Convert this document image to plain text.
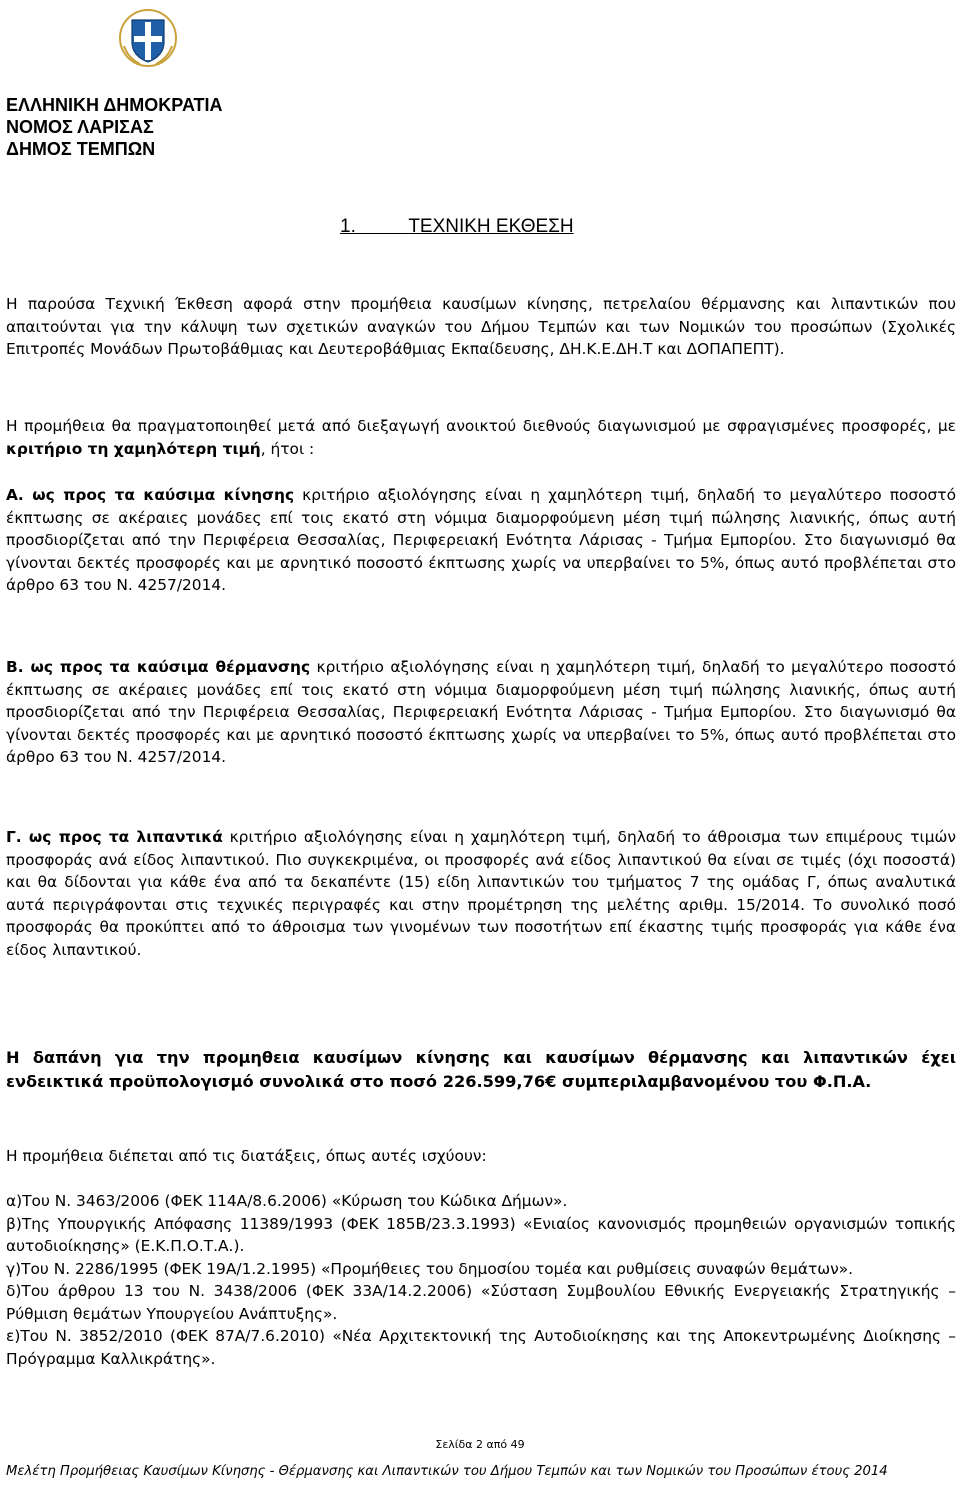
ΕΛΛΗΝΙΚΗ ΔΗΜΟΚΡΑΤΙΑ
ΝΟΜΟΣ ΛΑΡΙΣΑΣ
ΔΗΜΟΣ ΤΕΜΠΩΝ
1.	ΤΕΧΝΙΚΗ ΕΚΘΕΣΗ

Η παρούσα Τεχνική Έκθεση αφορά στην προμήθεια καυσίμων κίνησης, πετρελαίου θέρμανσης και λιπαντικών που απαιτούνται για την κάλυψη των σχετικών αναγκών του Δήμου Τεμπών και των Νομικών του προσώπων (Σχολικές Επιτροπές Μονάδων Πρωτοβάθμιας και Δευτεροβάθμιας Εκπαίδευσης, ΔΗ.Κ.Ε.ΔΗ.Τ και ΔΟΠΑΠΕΠΤ).

Η προμήθεια θα πραγματοποιηθεί μετά από διεξαγωγή ανοικτού διεθνούς διαγωνισμού με σφραγισμένες προσφορές, με κριτήριο τη χαμηλότερη τιμή, ήτοι :

Α. ως προς τα καύσιμα κίνησης κριτήριο αξιολόγησης είναι η χαμηλότερη τιμή, δηλαδή το μεγαλύτερο ποσοστό έκπτωσης σε ακέραιες μονάδες επί τοις εκατό στη νόμιμα διαμορφούμενη μέση τιμή πώλησης λιανικής, όπως αυτή προσδιορίζεται από την Περιφέρεια Θεσσαλίας, Περιφερειακή Ενότητα Λάρισας - Τμήμα Εμπορίου. Στο διαγωνισμό θα γίνονται δεκτές προσφορές και με αρνητικό ποσοστό έκπτωσης χωρίς να υπερβαίνει το 5%, όπως αυτό προβλέπεται στο άρθρο 63 του Ν. 4257/2014.

Β. ως προς τα καύσιμα θέρμανσης κριτήριο αξιολόγησης είναι η χαμηλότερη τιμή, δηλαδή το μεγαλύτερο ποσοστό έκπτωσης σε ακέραιες μονάδες επί τοις εκατό στη νόμιμα διαμορφούμενη μέση τιμή πώλησης λιανικής, όπως αυτή προσδιορίζεται από την Περιφέρεια Θεσσαλίας, Περιφερειακή Ενότητα Λάρισας - Τμήμα Εμπορίου. Στο διαγωνισμό θα γίνονται δεκτές προσφορές και με αρνητικό ποσοστό έκπτωσης χωρίς να υπερβαίνει το 5%, όπως αυτό προβλέπεται στο άρθρο 63 του Ν. 4257/2014.

Γ. ως προς τα λιπαντικά κριτήριο αξιολόγησης είναι η χαμηλότερη τιμή, δηλαδή το άθροισμα των επιμέρους τιμών προσφοράς ανά είδος λιπαντικού. Πιο συγκεκριμένα, οι προσφορές ανά είδος λιπαντικού θα είναι σε τιμές (όχι ποσοστά) και θα δίδονται για κάθε ένα από τα δεκαπέντε (15) είδη λιπαντικών του τμήματος 7 της ομάδας Γ, όπως αναλυτικά αυτά περιγράφονται στις τεχνικές περιγραφές και στην προμέτρηση της μελέτης αριθμ. 15/2014. Το συνολικό ποσό προσφοράς θα προκύπτει από το άθροισμα των γινομένων των ποσοτήτων επί έκαστης τιμής προσφοράς για κάθε ένα είδος λιπαντικού.

Η δαπάνη για την προμηθεια καυσίμων κίνησης και καυσίμων θέρμανσης και λιπαντικών έχει ενδεικτικά προϋπολογισμό συνολικά στο ποσό 226.599,76€ συμπεριλαμβανομένου του Φ.Π.Α.

Η προμήθεια διέπεται από τις διατάξεις, όπως αυτές ισχύουν:

α)Του Ν. 3463/2006 (ΦΕΚ 114Α/8.6.2006) «Κύρωση του Κώδικα Δήμων».
β)Της Υπουργικής Απόφασης 11389/1993 (ΦΕΚ 185Β/23.3.1993) «Ενιαίος κανονισμός προμηθειών οργανισμών τοπικής αυτοδιοίκησης» (Ε.Κ.Π.Ο.Τ.Α.).
γ)Του Ν. 2286/1995 (ΦΕΚ 19Α/1.2.1995) «Προμήθειες του δημοσίου τομέα και ρυθμίσεις συναφών θεμάτων».
δ)Του άρθρου 13 του Ν. 3438/2006 (ΦΕΚ 33Α/14.2.2006) «Σύσταση Συμβουλίου Εθνικής Ενεργειακής Στρατηγικής – Ρύθμιση θεμάτων Υπουργείου Ανάπτυξης».
ε)Του Ν. 3852/2010 (ΦΕΚ 87Α/7.6.2010) «Νέα Αρχιτεκτονική της Αυτοδιοίκησης και της Αποκεντρωμένης Διοίκησης – Πρόγραμμα Καλλικράτης».
Σελίδα 2 από 49
Μελέτη Προμήθειας Καυσίμων Κίνησης - Θέρμανσης και Λιπαντικών του Δήμου Τεμπών και των Νομικών του Προσώπων έτους 2014
